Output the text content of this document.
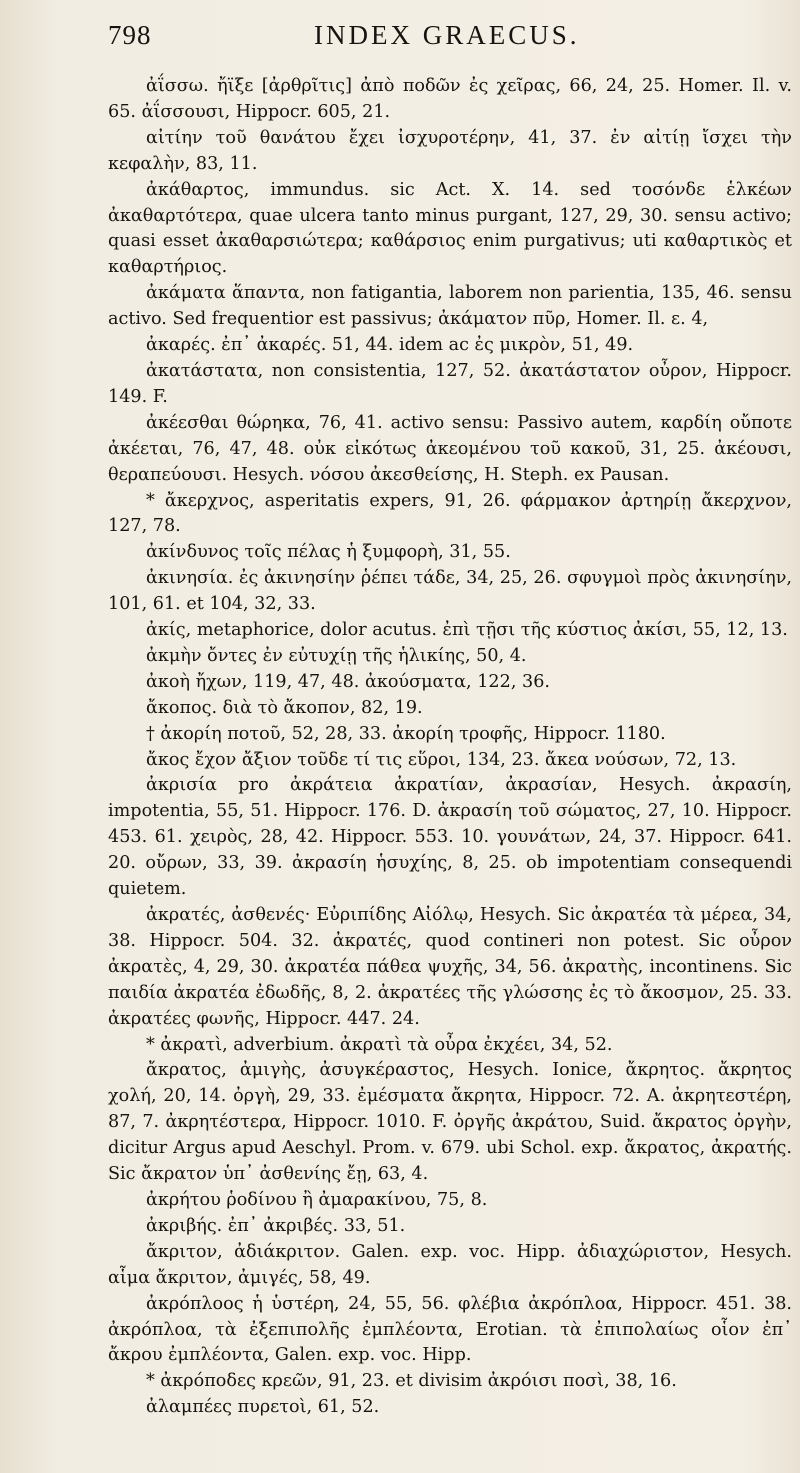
798	INDEX GRAECUS.

ἀΐσσω. ἤϊξε [ἀρθρῖτις] ἀπὸ ποδῶν ἐς χεῖρας, 66, 24, 25. Homer. Il. v. 65. ἀΐσσουσι, Hippocr. 605, 21.

αἰτίην τοῦ θανάτου ἔχει ἰσχυροτέρην, 41, 37. ἐν αἰτίῃ ἴσχει τὴν κεφαλὴν, 83, 11.

ἀκάθαρτος, immundus. sic Act. X. 14. sed τοσόνδε ἑλκέων ἀκαθαρτότερα, quae ulcera tanto minus purgant, 127, 29, 30. sensu activo; quasi esset ἀκαθαρσιώτερα; καθάρσιος enim purgativus; uti καθαρτικὸς et καθαρτήριος.

ἀκάματα ἅπαντα, non fatigantia, laborem non parientia, 135, 46. sensu activo. Sed frequentior est passivus; ἀκάματον πῦρ, Homer. Il. ε. 4,

ἀκαρές. ἐπ᾽ ἀκαρές. 51, 44. idem ac ἐς μικρὸν, 51, 49.

ἀκατάστατα, non consistentia, 127, 52. ἀκατάστατον οὖρον, Hippocr. 149. F.

ἀκέεσθαι θώρηκα, 76, 41. activo sensu: Passivo autem, καρδίη οὔποτε ἀκέεται, 76, 47, 48. οὐκ εἰκότως ἀκεομένου τοῦ κακοῦ, 31, 25. ἀκέουσι, θεραπεύουσι. Hesych. νόσου ἀκεσθείσης, H. Steph. ex Pausan.

* ἄκερχνος, asperitatis expers, 91, 26. φάρμακον ἀρτηρίῃ ἄκερχνον, 127, 78.

ἀκίνδυνος τοῖς πέλας ἡ ξυμφορὴ, 31, 55.

ἀκινησία. ἐς ἀκινησίην ῥέπει τάδε, 34, 25, 26. σφυγμοὶ πρὸς ἀκινησίην, 101, 61. et 104, 32, 33.

ἀκίς, metaphorice, dolor acutus. ἐπὶ τῇσι τῆς κύστιος ἀκίσι, 55, 12, 13.

ἀκμὴν ὄντες ἐν εὐτυχίῃ τῆς ἡλικίης, 50, 4.

ἀκοὴ ἤχων, 119, 47, 48. ἀκούσματα, 122, 36.

ἄκοπος. διὰ τὸ ἄκοπον, 82, 19.

† ἀκορίη ποτοῦ, 52, 28, 33. ἀκορίη τροφῆς, Hippocr. 1180.

ἄκος ἔχον ἄξιον τοῦδε τί τις εὕροι, 134, 23. ἄκεα νούσων, 72, 13.

ἀκρισία pro ἀκράτεια ἀκρατίαν, ἀκρασίαν, Hesych. ἀκρασίη, impotentia, 55, 51. Hippocr. 176. D. ἀκρασίη τοῦ σώματος, 27, 10. Hippocr. 453. 61. χειρὸς, 28, 42. Hippocr. 553. 10. γουνάτων, 24, 37. Hippocr. 641. 20. οὔρων, 33, 39. ἀκρασίη ἡσυχίης, 8, 25. ob impotentiam consequendi quietem.

ἀκρατές, ἀσθενές· Εὐριπίδης Αἰόλῳ, Hesych. Sic ἀκρατέα τὰ μέρεα, 34, 38. Hippocr. 504. 32. ἀκρατές, quod contineri non potest. Sic οὖρον ἀκρατὲς, 4, 29, 30. ἀκρατέα πάθεα ψυχῆς, 34, 56. ἀκρατὴς, incontinens. Sic παιδία ἀκρατέα ἐδωδῆς, 8, 2. ἀκρατέες τῆς γλώσσης ἐς τὸ ἄκοσμον, 25. 33. ἀκρατέες φωνῆς, Hippocr. 447. 24.

* ἀκρατὶ, adverbium. ἀκρατὶ τὰ οὖρα ἐκχέει, 34, 52.

ἄκρατος, ἀμιγὴς, ἀσυγκέραστος, Hesych. Ionice, ἄκρητος. ἄκρητος χολή, 20, 14. ὀργὴ, 29, 33. ἐμέσματα ἄκρητα, Hippocr. 72. A. ἀκρητεστέρη, 87, 7. ἀκρητέστερα, Hippocr. 1010. F. ὀργῆς ἀκράτου, Suid. ἄκρατος ὀργὴν, dicitur Argus apud Aeschyl. Prom. v. 679. ubi Schol. exp. ἄκρατος, ἀκρατής. Sic ἄκρατον ὑπ᾽ ἀσθενίης ἔῃ, 63, 4.

ἀκρήτου ῥοδίνου ἢ ἀμαρακίνου, 75, 8.

ἀκριβής. ἐπ᾽ ἀκριβές. 33, 51.

ἄκριτον, ἀδιάκριτον. Galen. exp. voc. Hipp. ἀδιαχώριστον, Hesych. αἷμα ἄκριτον, ἀμιγές, 58, 49.

ἀκρόπλοος ἡ ὑστέρη, 24, 55, 56. φλέβια ἀκρόπλοα, Hippocr. 451. 38. ἀκρόπλοα, τὰ ἐξεπιπολῆς ἐμπλέοντα, Erotian. τὰ ἐπιπολαίως οἷον ἐπ᾽ ἄκρου ἐμπλέοντα, Galen. exp. voc. Hipp.

* ἀκρόποδες κρεῶν, 91, 23. et divisim ἀκρόισι ποσὶ, 38, 16.

ἀλαμπέες πυρετοὶ, 61, 52.
